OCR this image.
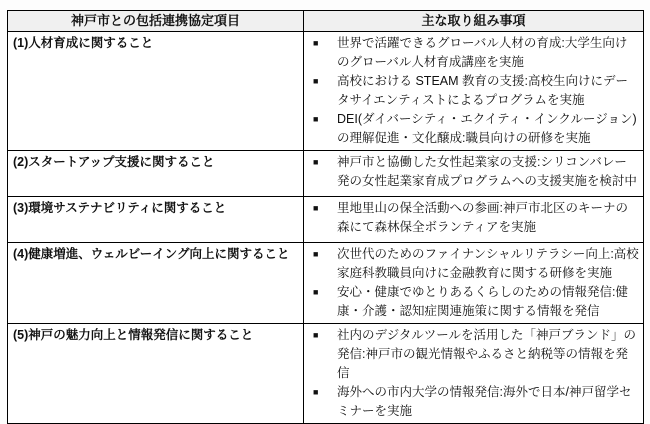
神戸市との包括連携協定項目	主な取り組み事項
(1)人材育成に関すること	■	世界で活躍できるグローバル人材の育成:大学生向けのグローバル人材育成講座を実施
■	高校における STEAM 教育の支援:高校生向けにデータサイエンティストによるプログラムを実施
■	DEI(ダイバーシティ・エクイティ・インクルージョン)の理解促進・文化醸成:職員向けの研修を実施

(2)スタートアップ支援に関すること	■	神戸市と協働した女性起業家の支援:シリコンバレー発の女性起業家育成プログラムへの支援実施を検討中

(3)環境サステナビリティに関すること	■	里地里山の保全活動への参画:神戸市北区のキーナの森にて森林保全ボランティアを実施

(4)健康増進、ウェルビーイング向上に関すること	■	次世代のためのファイナンシャルリテラシー向上:高校家庭科教職員向けに金融教育に関する研修を実施
■	安心・健康でゆとりあるくらしのための情報発信:健康・介護・認知症関連施策に関する情報を発信

(5)神戸の魅力向上と情報発信に関すること	■	社内のデジタルツールを活用した「神戸ブランド」の発信:神戸市の観光情報やふるさと納税等の情報を発信
■	海外への市内大学の情報発信:海外で日本/神戸留学セミナーを実施
